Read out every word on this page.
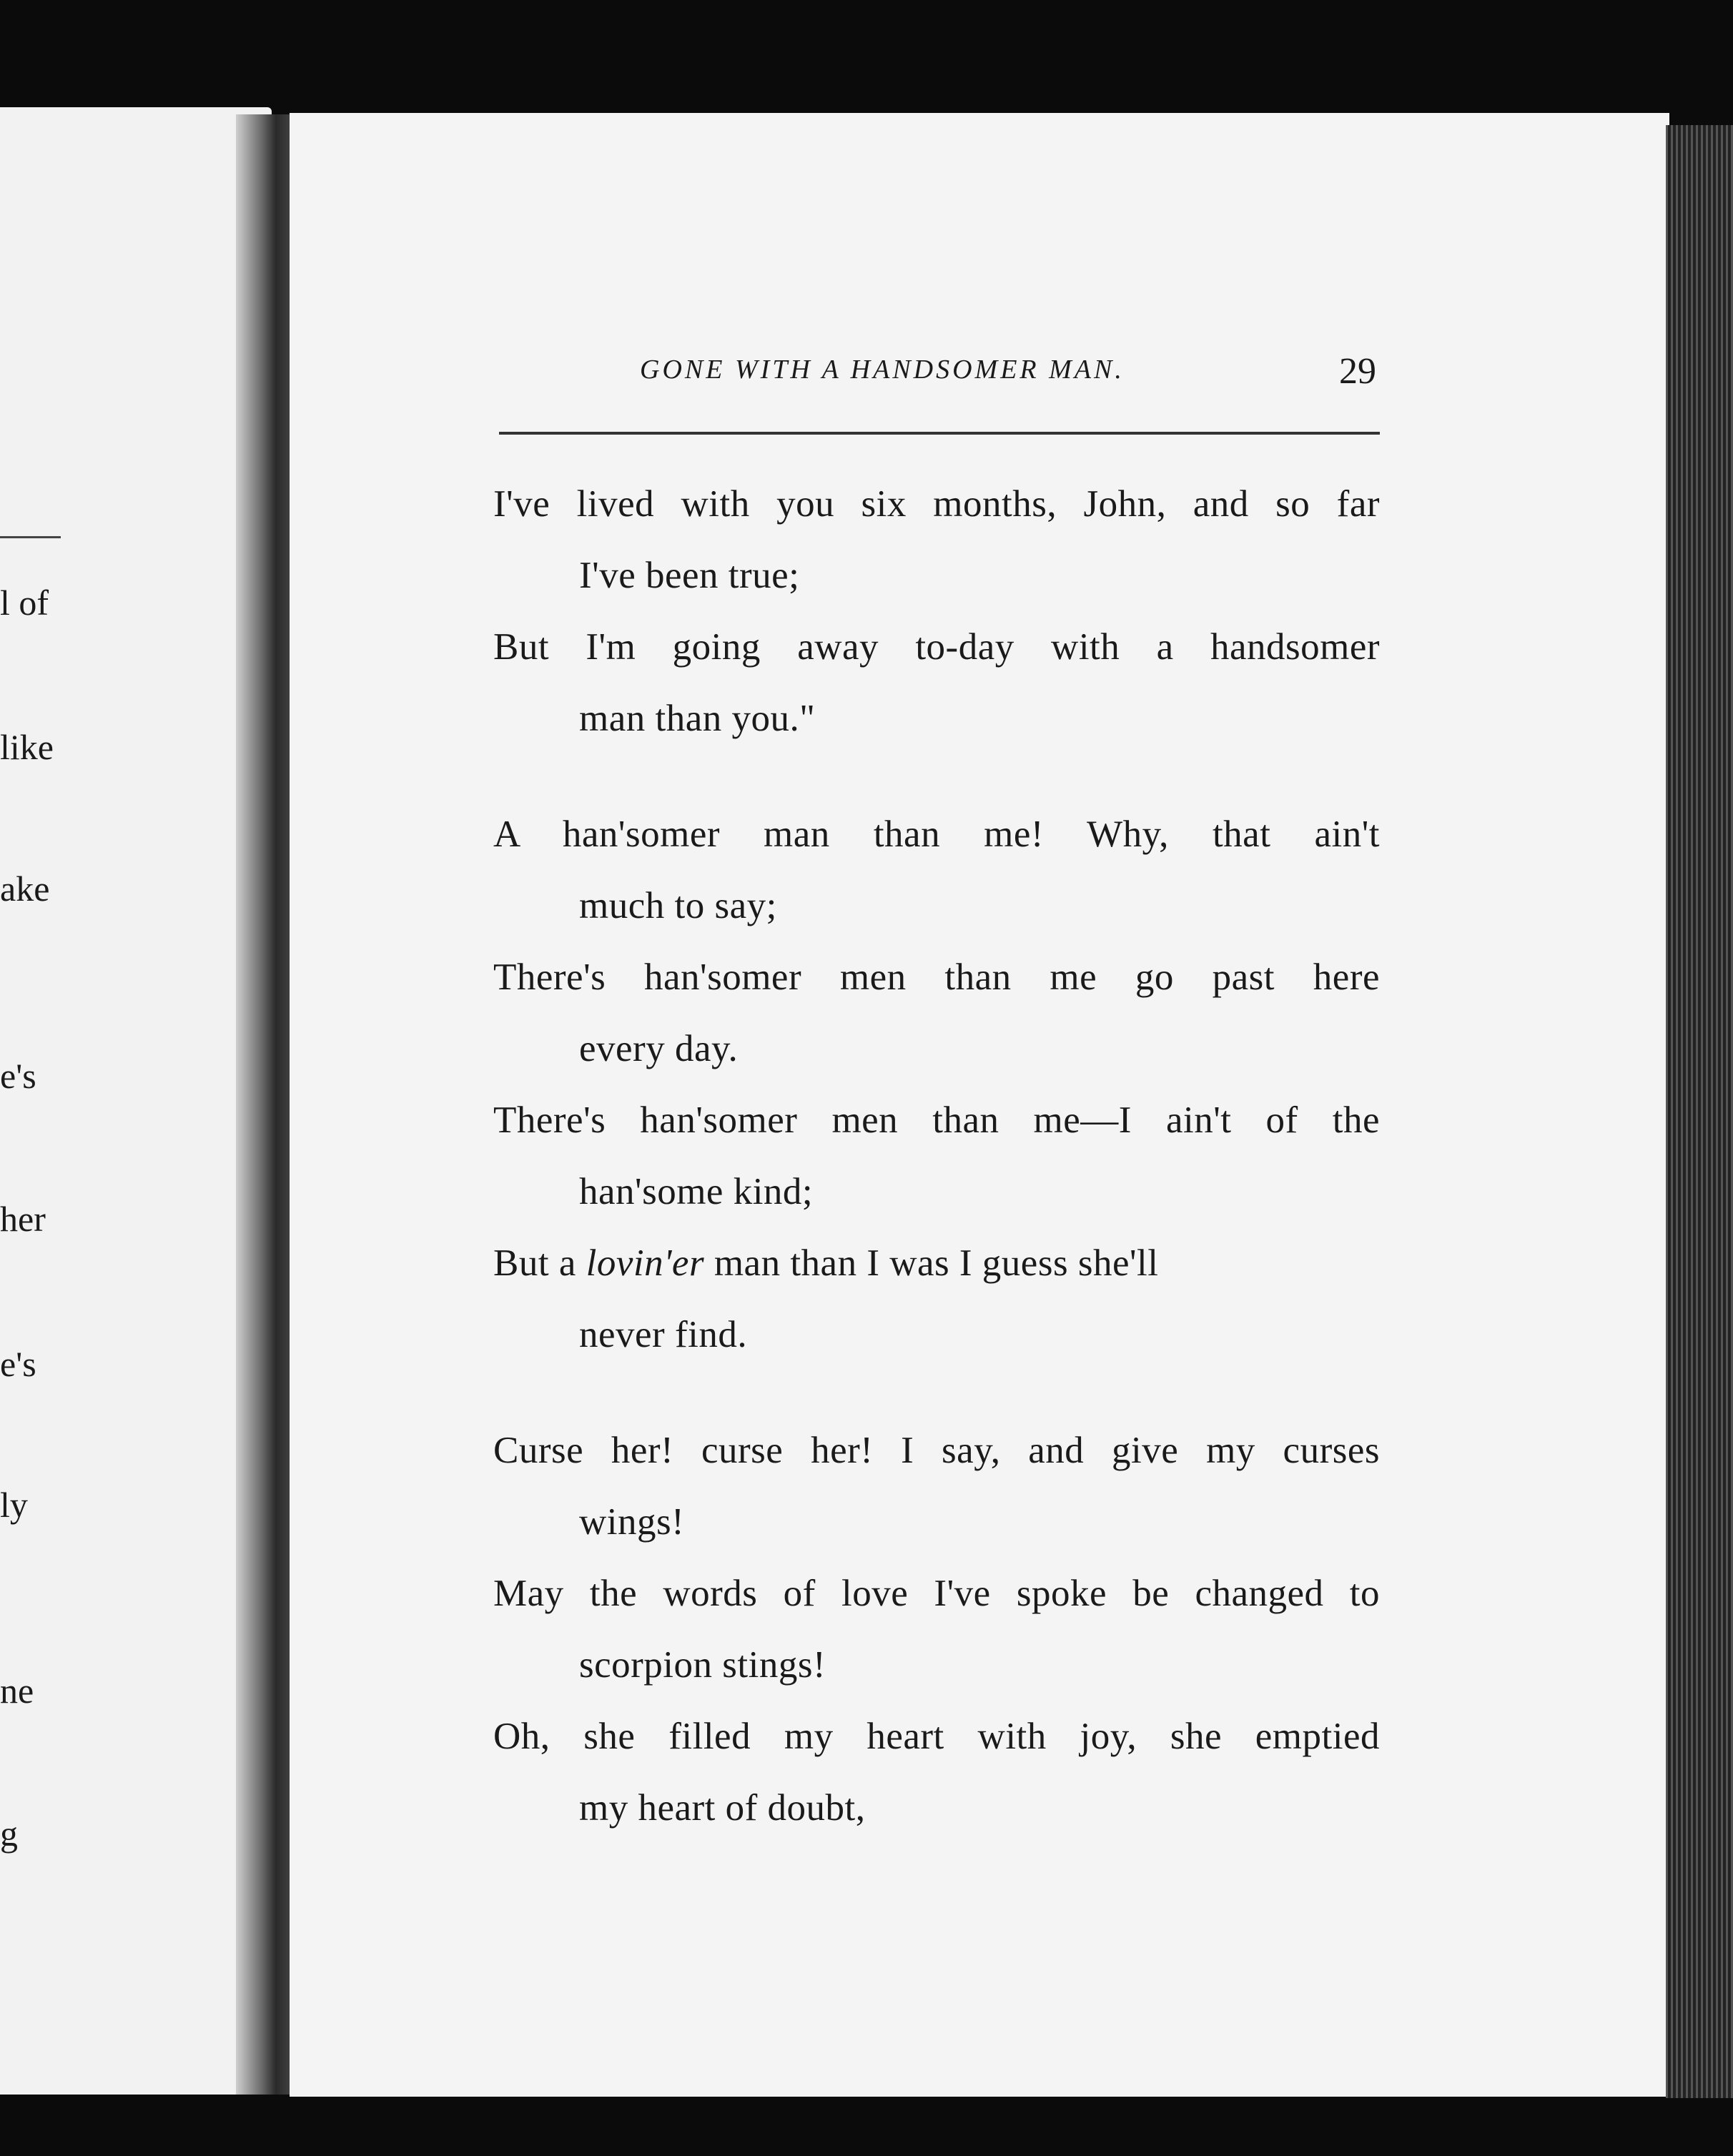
l of
like
ake
e's
her
e's
ly
ne
g
GONE WITH A HANDSOMER MAN.	29
I've lived with you six months, John, and so far
I've been true;
But I'm going away to-day with a handsomer
man than you."
A han'somer man than me! Why, that ain't
much to say;
There's han'somer men than me go past here
every day.
There's han'somer men than me—I ain't of the
han'some kind;
But a lovin'er man than I was I guess she'll
never find.
Curse her! curse her! I say, and give my curses
wings!
May the words of love I've spoke be changed to
scorpion stings!
Oh, she filled my heart with joy, she emptied
my heart of doubt,
